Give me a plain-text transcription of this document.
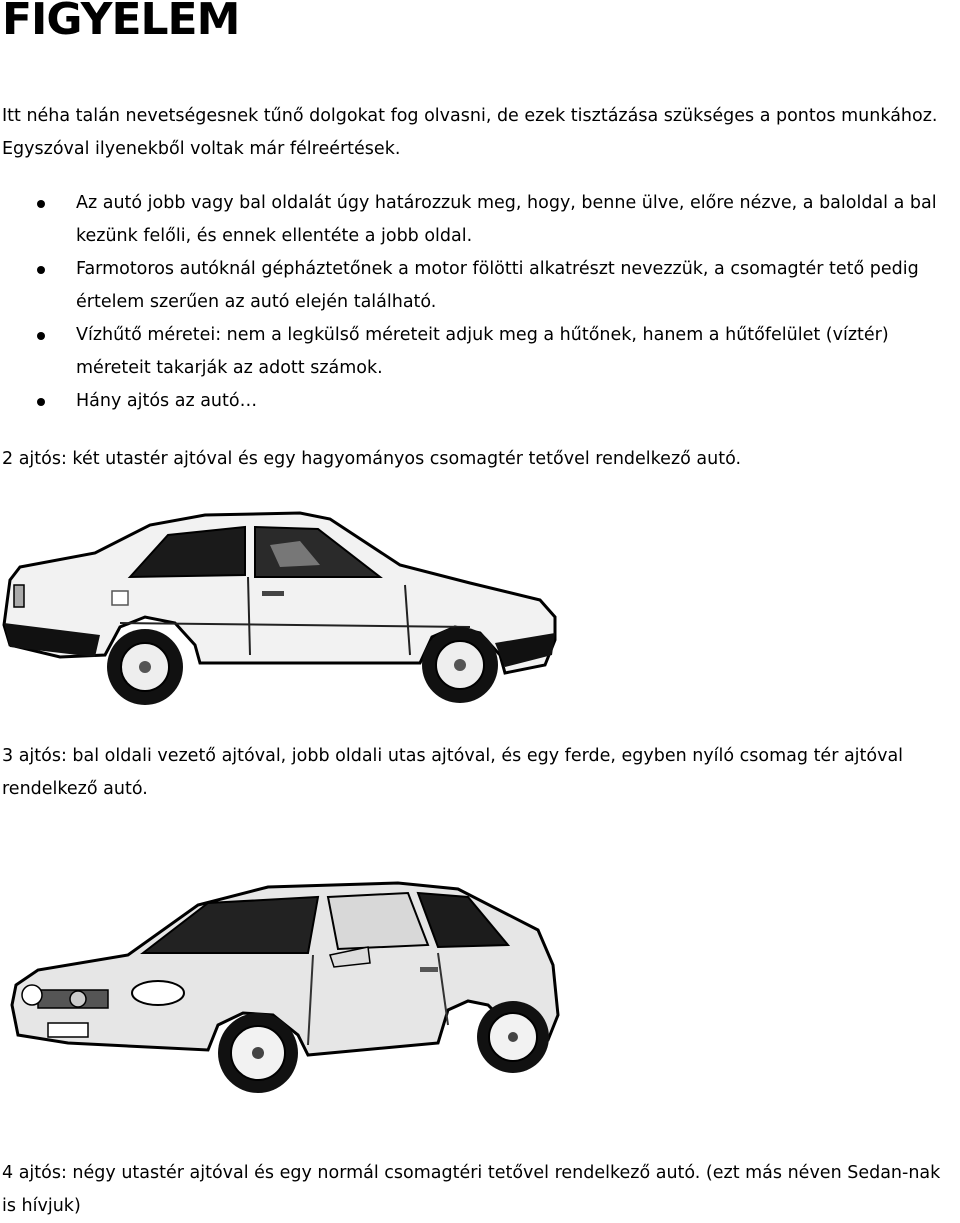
FIGYELEM

Itt néha talán nevetségesnek tűnő dolgokat fog olvasni, de ezek tisztázása szükséges a pontos munkához. Egyszóval ilyenekből voltak már félreértések.

Az autó jobb vagy bal oldalát úgy határozzuk meg, hogy, benne ülve, előre nézve, a baloldal a bal kezünk felőli, és ennek ellentéte a jobb oldal.
Farmotoros autóknál gépháztetőnek a motor fölötti alkatrészt nevezzük, a csomagtér tető pedig értelem szerűen az autó elején található.
Vízhűtő méretei: nem a legkülső méreteit adjuk meg a hűtőnek, hanem a hűtőfelület (víztér) méreteit takarják az adott számok.
Hány ajtós az autó…

2 ajtós: két utastér ajtóval és egy hagyományos csomagtér tetővel rendelkező autó.

3 ajtós: bal oldali vezető ajtóval, jobb oldali utas ajtóval, és egy ferde, egyben nyíló csomag tér ajtóval rendelkező autó.

4 ajtós: négy utastér ajtóval és egy normál csomagtéri tetővel rendelkező autó. (ezt más néven Sedan-nak is hívjuk)
